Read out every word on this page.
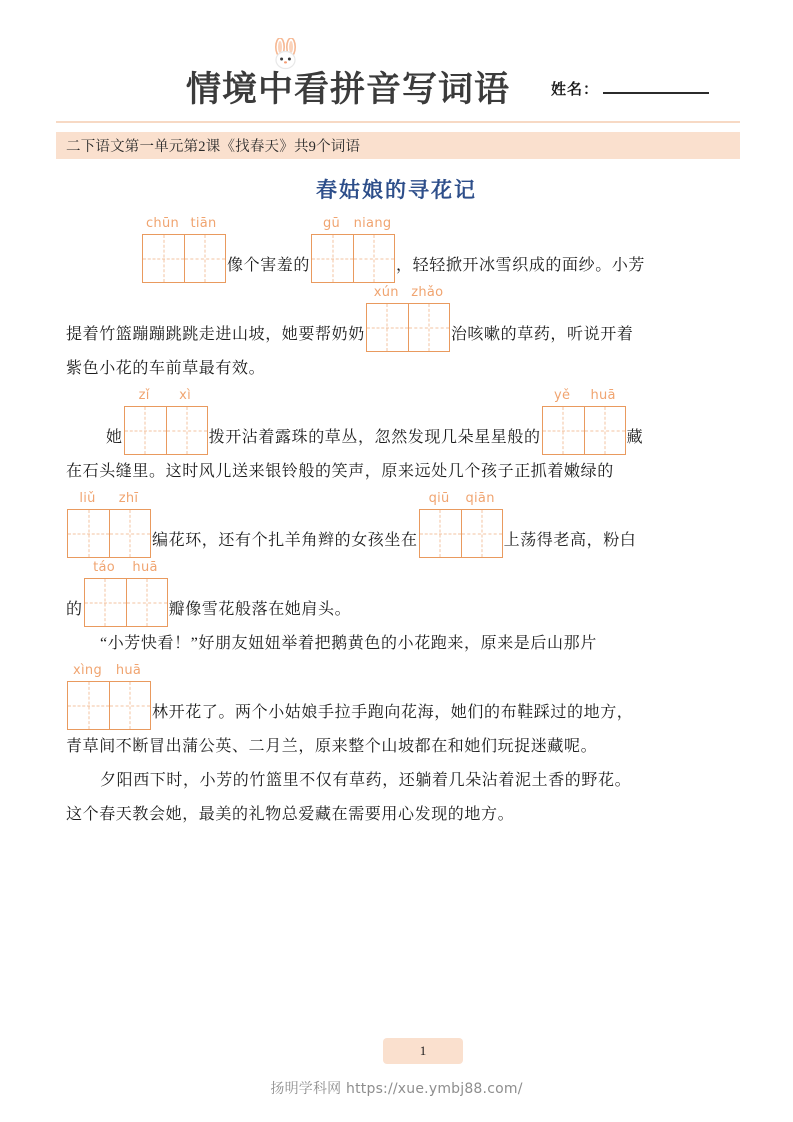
情境中看拼音写词语	姓名：
二下语文第一单元第2课《找春天》共9个词语
春姑娘的寻花记
chūn tiān
像个害羞的
gū	niang
，轻轻掀开冰雪织成的面纱。小芳
提着竹篮蹦蹦跳跳走进山坡，她要帮奶奶
xún zhǎo
治咳嗽的草药，听说开着
紫色小花的车前草最有效。
她
zǐ	xì
拨开沾着露珠的草丛，忽然发现几朵星星般的
yě	huā
藏
在石头缝里。这时风儿送来银铃般的笑声，原来远处几个孩子正抓着嫩绿的
liǔ	zhī
编花环，还有个扎羊角辫的女孩坐在
qiū	qiān
上荡得老高，粉白
的
táo	huā
瓣像雪花般落在她肩头。
“小芳快看！”好朋友妞妞举着把鹅黄色的小花跑来，原来是后山那片
xìng	huā
林开花了。两个小姑娘手拉手跑向花海，她们的布鞋踩过的地方，
青草间不断冒出蒲公英、二月兰，原来整个山坡都在和她们玩捉迷藏呢。
夕阳西下时，小芳的竹篮里不仅有草药，还躺着几朵沾着泥土香的野花。
这个春天教会她，最美的礼物总爱藏在需要用心发现的地方。
1
扬明学科网 https://xue.ymbj88.com/
